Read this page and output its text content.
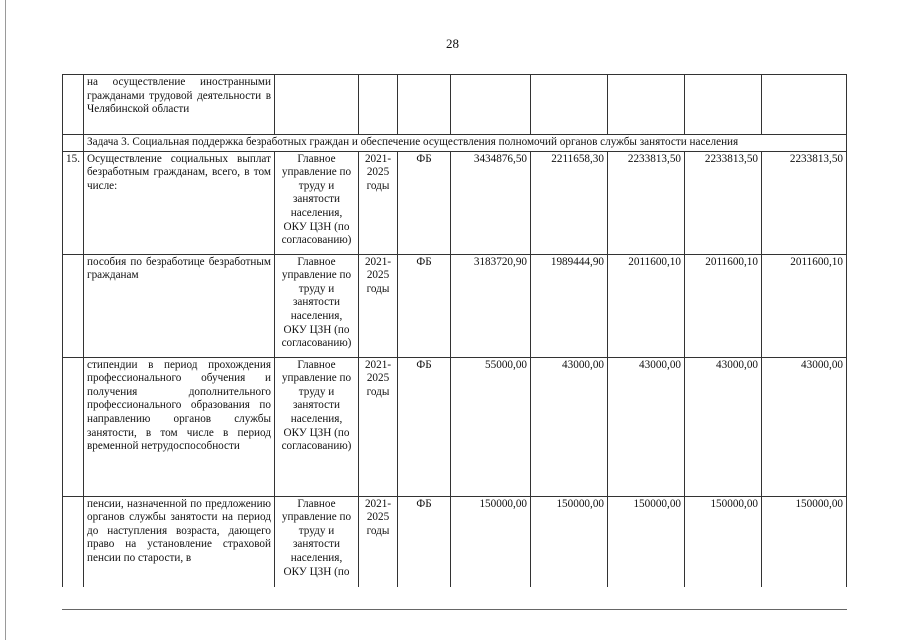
28
	на осуществление иностранными гражданами трудовой деятельности в Челябинской области								
	Задача 3. Социальная поддержка безработных граждан и обеспечение осуществления полномочий органов службы занятости населения								
15.	Осуществление социальных выплат безработным гражданам, всего, в том числе:	Главное управление по труду и занятости населения, ОКУ ЦЗН (по согласованию)	2021-2025 годы	ФБ	3434876,50	2211658,30	2233813,50	2233813,50	2233813,50
	пособия по безработице безработным гражданам	Главное управление по труду и занятости населения, ОКУ ЦЗН (по согласованию)	2021-2025 годы	ФБ	3183720,90	1989444,90	2011600,10	2011600,10	2011600,10
	стипендии в период прохождения профессионального обучения и получения дополнительного профессионального образования по направлению органов службы занятости, в том числе в период временной нетрудоспособности	Главное управление по труду и занятости населения, ОКУ ЦЗН (по согласованию)	2021-2025 годы	ФБ	55000,00	43000,00	43000,00	43000,00	43000,00
	пенсии, назначенной по предложению органов службы занятости на период до наступления возраста, дающего право на установление страховой пенсии по старости, в	Главное управление по труду и занятости населения, ОКУ ЦЗН (по	2021-2025 годы	ФБ	150000,00	150000,00	150000,00	150000,00	150000,00
